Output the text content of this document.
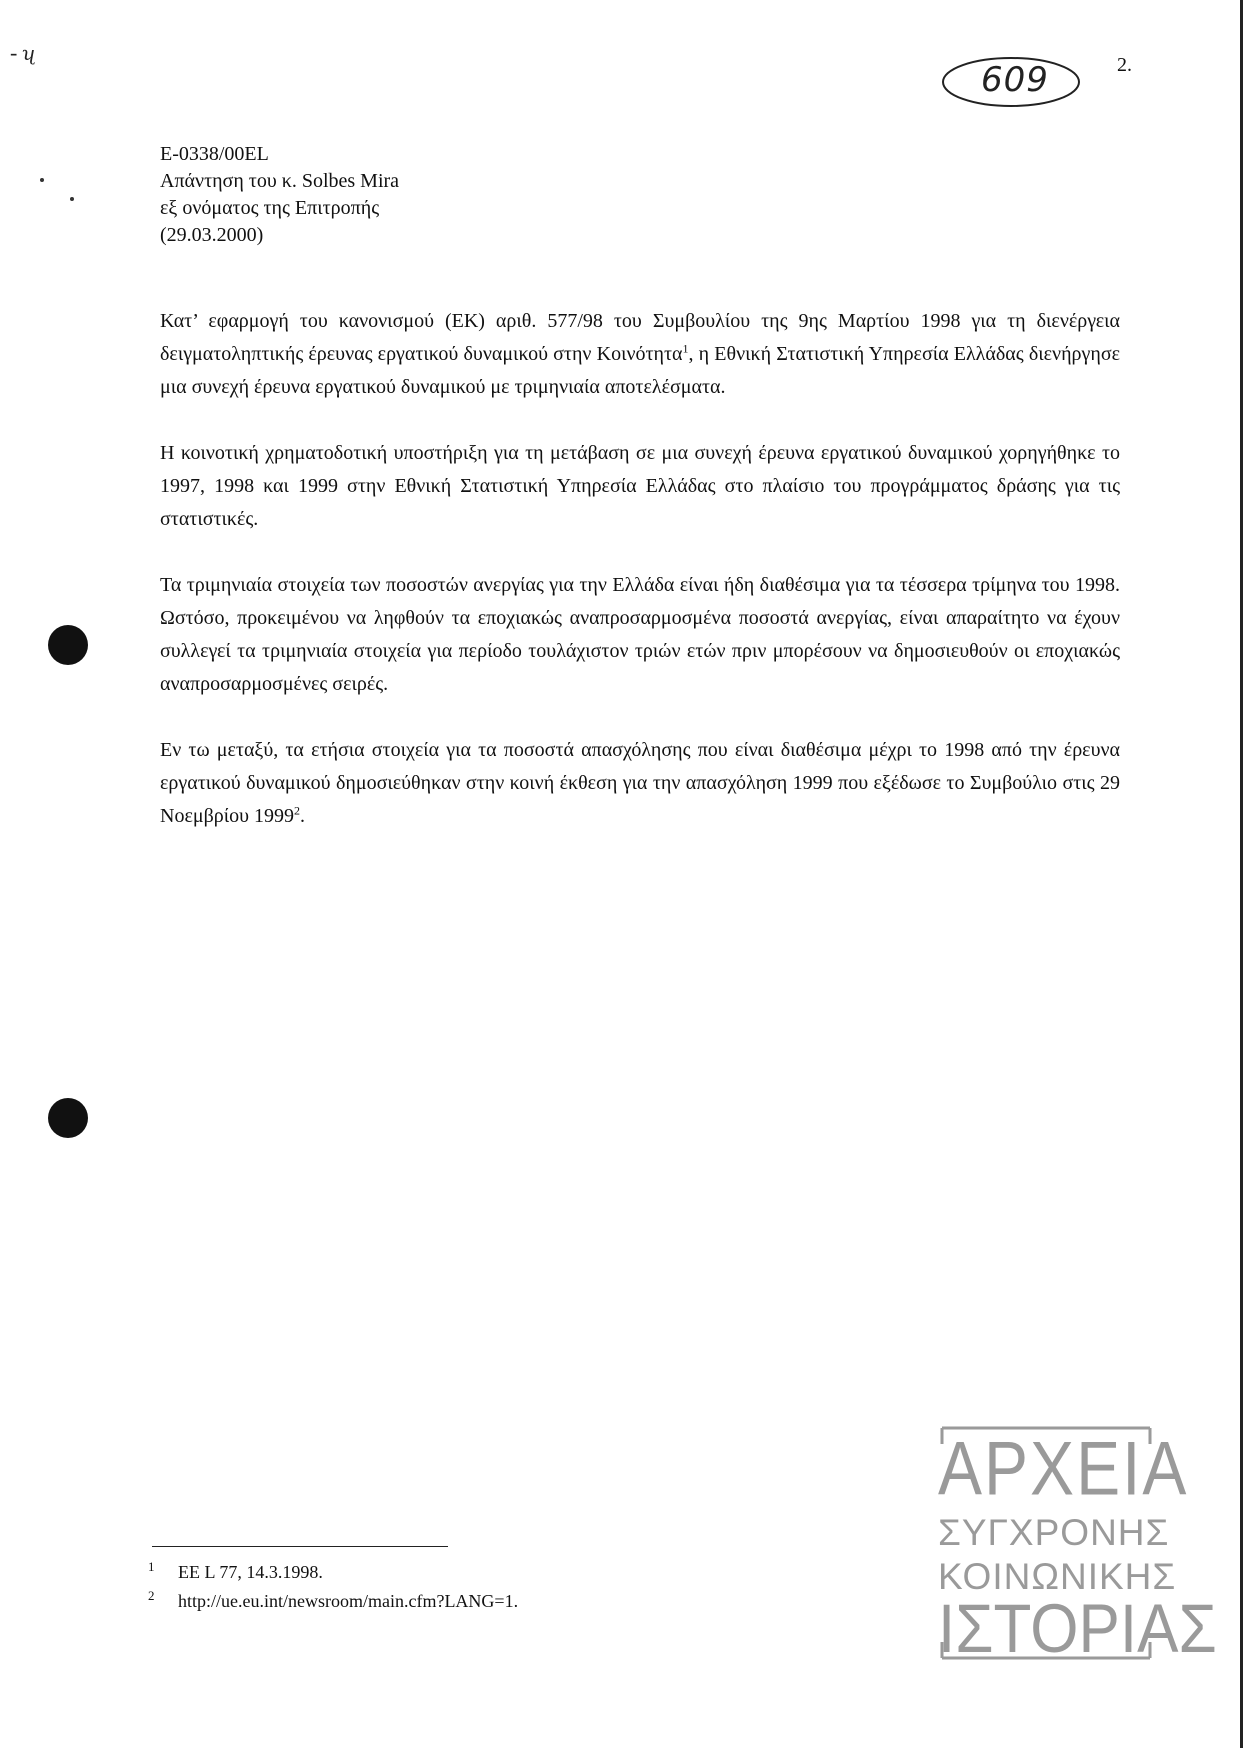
- ʯ
609	2.
E-0338/00EL
Απάντηση του κ. Solbes Mira
εξ ονόματος της Επιτροπής
(29.03.2000)

Κατ’ εφαρμογή του κανονισμού (ΕΚ) αριθ. 577/98 του Συμβουλίου της 9ης Μαρτίου 1998 για τη διενέργεια δειγματοληπτικής έρευνας εργατικού δυναμικού στην Κοινότητα$^1$, η Εθνική Στατιστική Υπηρεσία Ελλάδας διενήργησε μια συνεχή έρευνα εργατικού δυναμικού με τριμηνιαία αποτελέσματα.

Η κοινοτική χρηματοδοτική υποστήριξη για τη μετάβαση σε μια συνεχή έρευνα εργατικού δυναμικού χορηγήθηκε το 1997, 1998 και 1999 στην Εθνική Στατιστική Υπηρεσία Ελλάδας στο πλαίσιο του προγράμματος δράσης για τις στατιστικές.

Τα τριμηνιαία στοιχεία των ποσοστών ανεργίας για την Ελλάδα είναι ήδη διαθέσιμα για τα τέσσερα τρίμηνα του 1998. Ωστόσο, προκειμένου να ληφθούν τα εποχιακώς αναπροσαρμοσμένα ποσοστά ανεργίας, είναι απαραίτητο να έχουν συλλεγεί τα τριμηνιαία στοιχεία για περίοδο τουλάχιστον τριών ετών πριν μπορέσουν να δημοσιευθούν οι εποχιακώς αναπροσαρμοσμένες σειρές.

Εν τω μεταξύ, τα ετήσια στοιχεία για τα ποσοστά απασχόλησης που είναι διαθέσιμα μέχρι το 1998 από την έρευνα εργατικού δυναμικού δημοσιεύθηκαν στην κοινή έκθεση για την απασχόληση 1999 που εξέδωσε το Συμβούλιο στις 29 Νοεμβρίου 1999$^2$.

1	EE L 77, 14.3.1998.
2	http://ue.eu.int/newsroom/main.cfm?LANG=1.
ΑΡΧΕΙΑ
ΣΥΓΧΡΟΝΗΣ
ΚΟΙΝΩΝΙΚΗΣ
ΙΣΤΟΡΙΑΣ
